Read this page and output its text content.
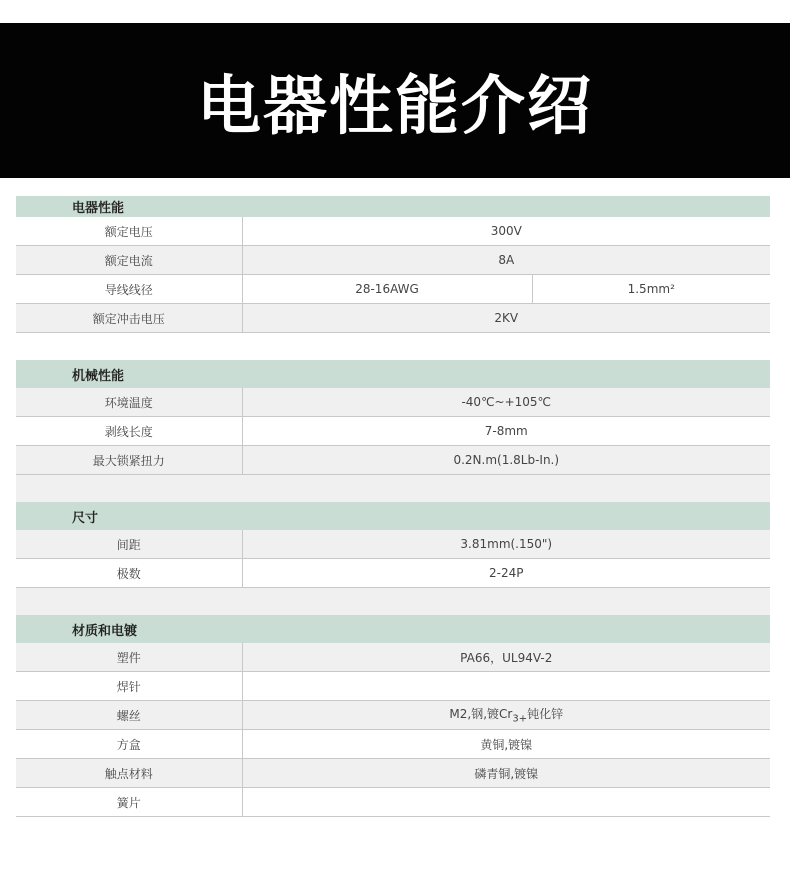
电器性能介绍
电器性能		
额定电压	300V	
额定电流	8A	
导线线径	28-16AWG	1.5mm²
额定冲击电压	2KV	

机械性能		
环境温度	-40℃~+105℃	
剥线长度	7-8mm	
最大锁紧扭力	0.2N.m(1.8Lb-In.)	

尺寸		
间距	3.81mm(.150")	
极数	2-24P	

材质和电镀		
塑件	PA66，UL94V-2	
焊针		
螺丝	M2,钢,镀$Cr_{3+}$钝化锌	
方盒	黄铜,镀镍	
触点材料	磷青铜,镀镍	
簧片		
